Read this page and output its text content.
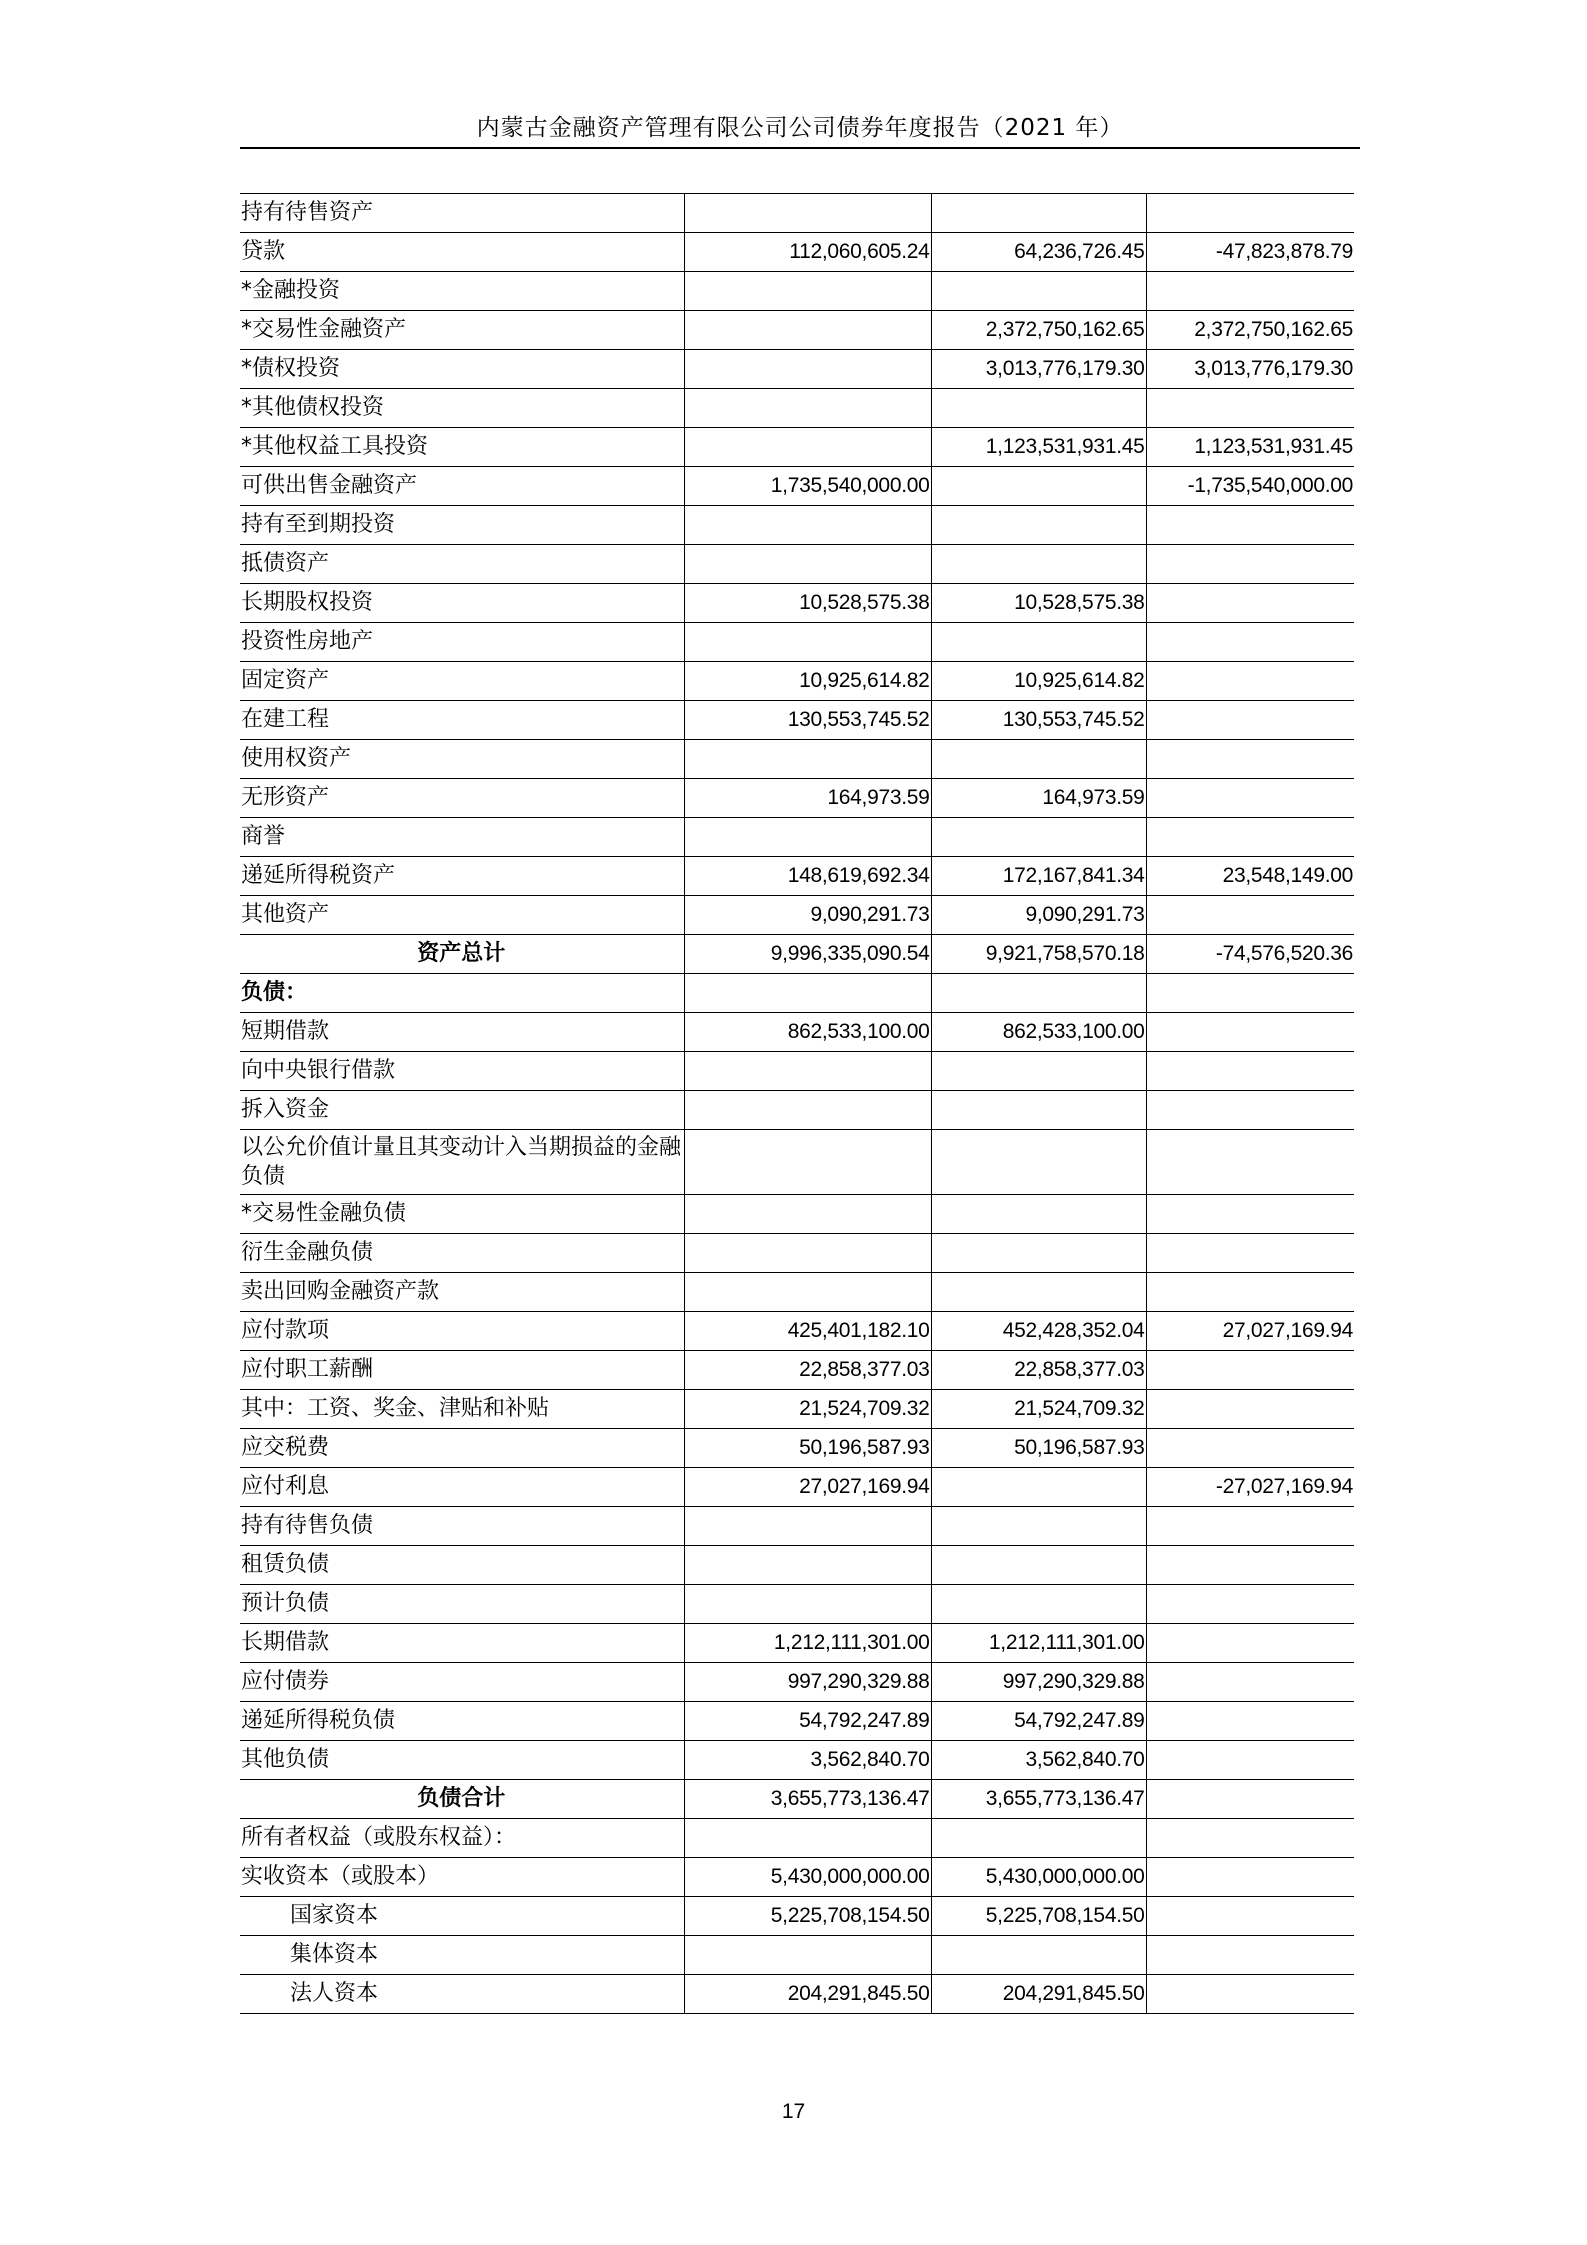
内蒙古金融资产管理有限公司公司债券年度报告（2021 年）
持有待售资产			
贷款	112,060,605.24	64,236,726.45	-47,823,878.79
*金融投资			
*交易性金融资产		2,372,750,162.65	2,372,750,162.65
*债权投资		3,013,776,179.30	3,013,776,179.30
*其他债权投资			
*其他权益工具投资		1,123,531,931.45	1,123,531,931.45
可供出售金融资产	1,735,540,000.00		-1,735,540,000.00
持有至到期投资			
抵债资产			
长期股权投资	10,528,575.38	10,528,575.38	
投资性房地产			
固定资产	10,925,614.82	10,925,614.82	
在建工程	130,553,745.52	130,553,745.52	
使用权资产			
无形资产	164,973.59	164,973.59	
商誉			
递延所得税资产	148,619,692.34	172,167,841.34	23,548,149.00
其他资产	9,090,291.73	9,090,291.73	
资产总计	9,996,335,090.54	9,921,758,570.18	-74,576,520.36
负债：			
短期借款	862,533,100.00	862,533,100.00	
向中央银行借款			
拆入资金			
以公允价值计量且其变动计入当期损益的金融负债			
*交易性金融负债			
衍生金融负债			
卖出回购金融资产款			
应付款项	425,401,182.10	452,428,352.04	27,027,169.94
应付职工薪酬	22,858,377.03	22,858,377.03	
其中：工资、奖金、津贴和补贴	21,524,709.32	21,524,709.32	
应交税费	50,196,587.93	50,196,587.93	
应付利息	27,027,169.94		-27,027,169.94
持有待售负债			
租赁负债			
预计负债			
长期借款	1,212,111,301.00	1,212,111,301.00	
应付债券	997,290,329.88	997,290,329.88	
递延所得税负债	54,792,247.89	54,792,247.89	
其他负债	3,562,840.70	3,562,840.70	
负债合计	3,655,773,136.47	3,655,773,136.47	
所有者权益（或股东权益）：			
实收资本（或股本）	5,430,000,000.00	5,430,000,000.00	
国家资本	5,225,708,154.50	5,225,708,154.50	
集体资本			
法人资本	204,291,845.50	204,291,845.50	
17
